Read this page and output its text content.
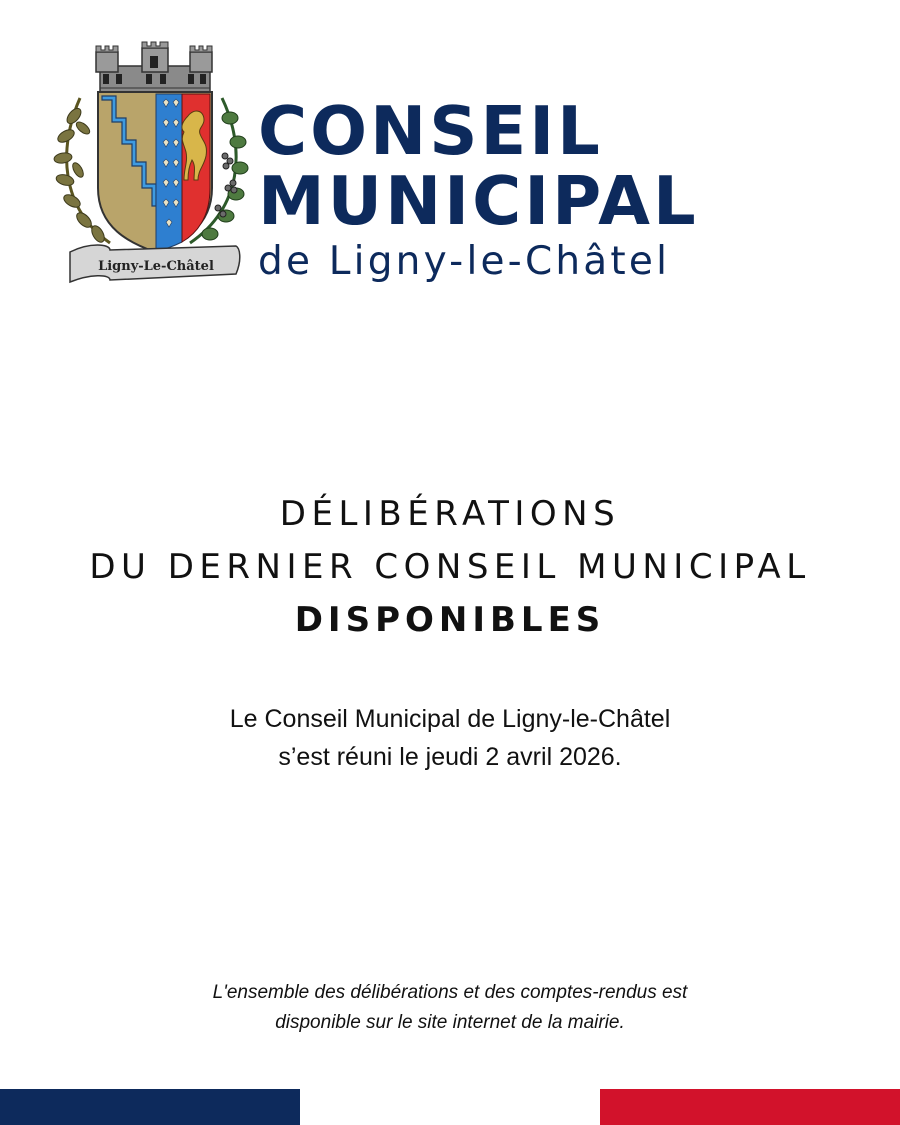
Ligny-Le-Châtel
CONSEIL
MUNICIPAL
de Ligny-le-Châtel
DÉLIBÉRATIONS
DU DERNIER CONSEIL MUNICIPAL
DISPONIBLES
Le Conseil Municipal de Ligny-le-Châtel
s’est réuni le jeudi 2 avril 2026.
L'ensemble des délibérations et des comptes-rendus est
disponible sur le site internet de la mairie.
